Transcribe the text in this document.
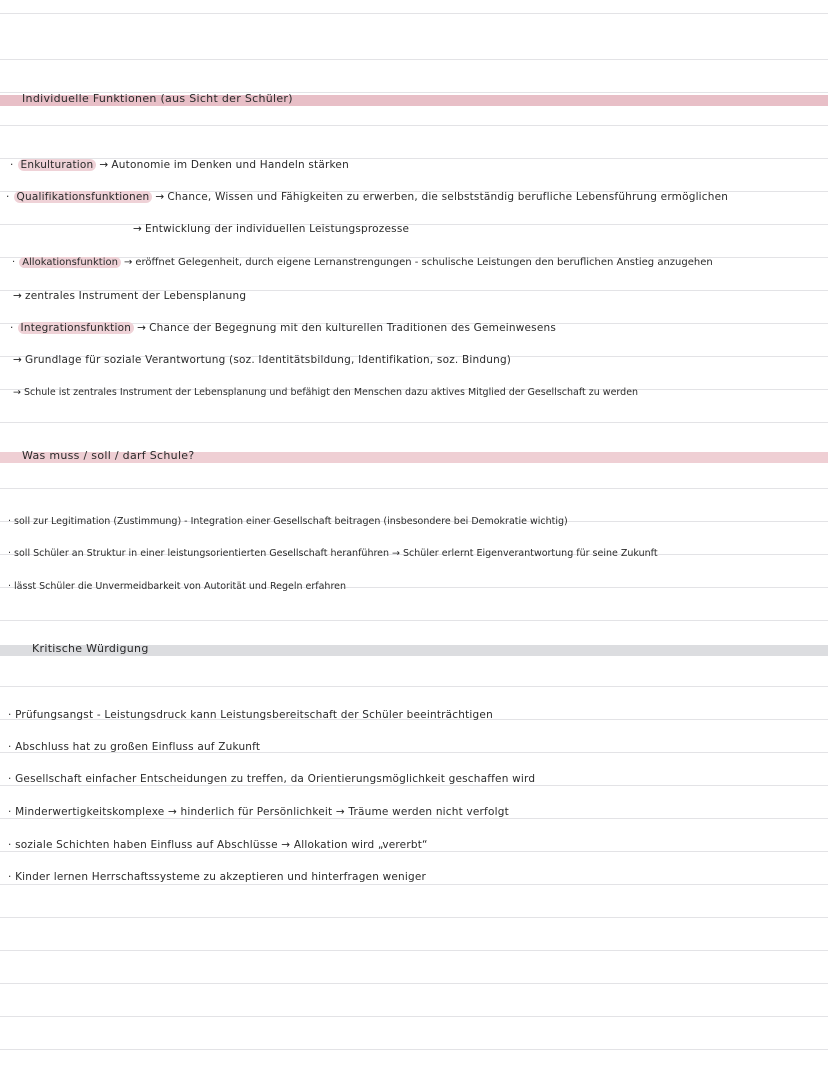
Individuelle Funktionen (aus Sicht der Schüler)
· Enkulturation → Autonomie im Denken und Handeln stärken
· Qualifikationsfunktionen → Chance, Wissen und Fähigkeiten zu erwerben, die selbstständig berufliche Lebensführung ermöglichen
→ Entwicklung der individuellen Leistungsprozesse
· Allokationsfunktion → eröffnet Gelegenheit, durch eigene Lernanstrengungen - schulische Leistungen den beruflichen Anstieg anzugehen
→ zentrales Instrument der Lebensplanung
· Integrationsfunktion → Chance der Begegnung mit den kulturellen Traditionen des Gemeinwesens
→ Grundlage für soziale Verantwortung (soz. Identitätsbildung, Identifikation, soz. Bindung)
→ Schule ist zentrales Instrument der Lebensplanung und befähigt den Menschen dazu aktives Mitglied der Gesellschaft zu werden
Was muss / soll / darf Schule?
· soll zur Legitimation (Zustimmung) - Integration einer Gesellschaft beitragen (insbesondere bei Demokratie wichtig)
· soll Schüler an Struktur in einer leistungsorientierten Gesellschaft heranführen → Schüler erlernt Eigenverantwortung für seine Zukunft
· lässt Schüler die Unvermeidbarkeit von Autorität und Regeln erfahren
Kritische Würdigung
· Prüfungsangst - Leistungsdruck kann Leistungsbereitschaft der Schüler beeinträchtigen
· Abschluss hat zu großen Einfluss auf Zukunft
· Gesellschaft einfacher Entscheidungen zu treffen, da Orientierungsmöglichkeit geschaffen wird
· Minderwertigkeitskomplexe → hinderlich für Persönlichkeit → Träume werden nicht verfolgt
· soziale Schichten haben Einfluss auf Abschlüsse → Allokation wird „vererbt“
· Kinder lernen Herrschaftssysteme zu akzeptieren und hinterfragen weniger
